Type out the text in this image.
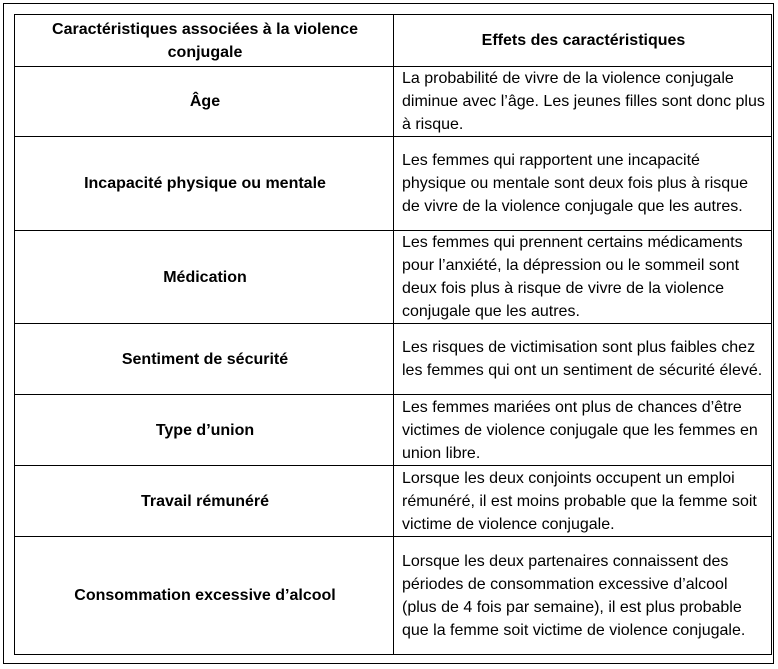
Caractéristiques associées à la violence conjugale	Effets des caractéristiques
Âge	La probabilité de vivre de la violence conjugale diminue avec l’âge. Les jeunes filles sont donc plus à risque.
Incapacité physique ou mentale	Les femmes qui rapportent une incapacité physique ou mentale sont deux fois plus à risque de vivre de la violence conjugale que les autres.
Médication	Les femmes qui prennent certains médicaments pour l’anxiété, la dépression ou le sommeil sont deux fois plus à risque de vivre de la violence conjugale que les autres.
Sentiment de sécurité	Les risques de victimisation sont plus faibles chez les femmes qui ont un sentiment de sécurité élevé.
Type d’union	Les femmes mariées ont plus de chances d’être victimes de violence conjugale que les femmes en union libre.
Travail rémunéré	Lorsque les deux conjoints occupent un emploi rémunéré, il est moins probable que la femme soit victime de violence conjugale.
Consommation excessive d’alcool	Lorsque les deux partenaires connaissent des périodes de consommation excessive d’alcool (plus de 4 fois par semaine), il est plus probable que la femme soit victime de violence conjugale.
